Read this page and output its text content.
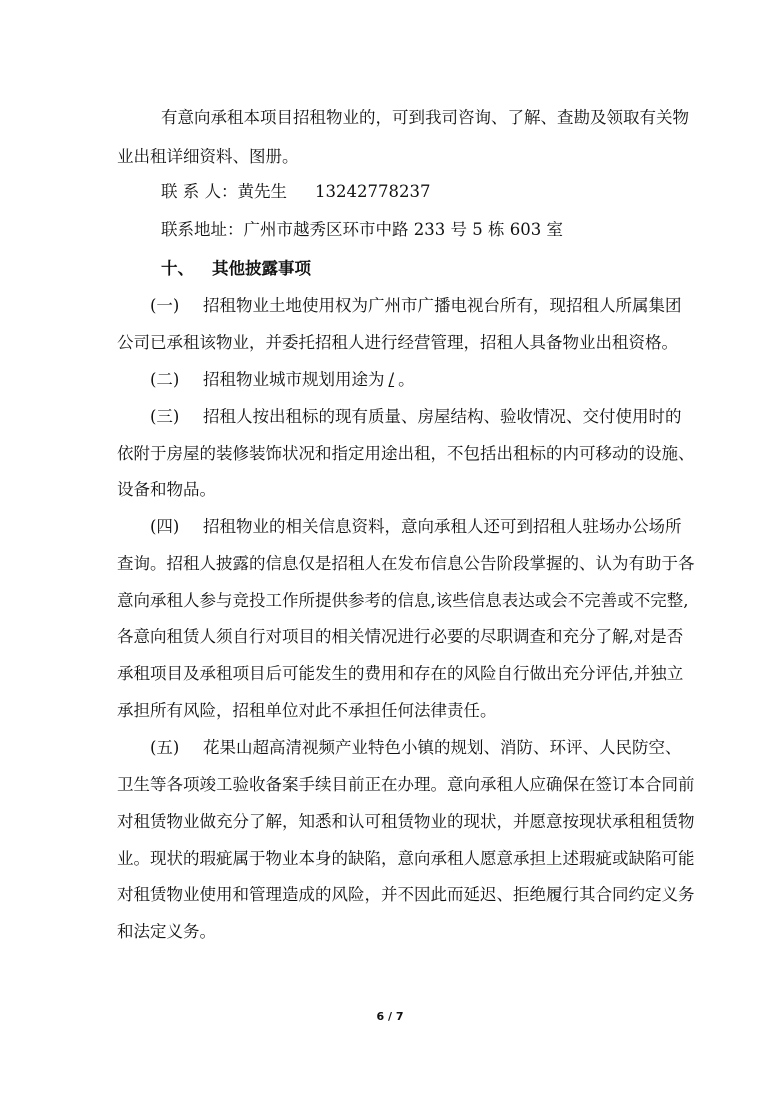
有意向承租本项目招租物业的，可到我司咨询、了解、查勘及领取有关物
业出租详细资料、图册。
联 系 人：黄先生 13242778237
联系地址：广州市越秀区环市中路 233 号 5 栋 603 室
十、 其他披露事项
(一) 招租物业土地使用权为广州市广播电视台所有，现招租人所属集团
公司已承租该物业，并委托招租人进行经营管理，招租人具备物业出租资格。
(二) 招租物业城市规划用途为 / 。
(三) 招租人按出租标的现有质量、房屋结构、验收情况、交付使用时的
依附于房屋的装修装饰状况和指定用途出租，不包括出租标的内可移动的设施、
设备和物品。
(四) 招租物业的相关信息资料，意向承租人还可到招租人驻场办公场所
查询。招租人披露的信息仅是招租人在发布信息公告阶段掌握的、认为有助于各
意向承租人参与竞投工作所提供参考的信息,该些信息表达或会不完善或不完整,
各意向租赁人须自行对项目的相关情况进行必要的尽职调查和充分了解,对是否
承租项目及承租项目后可能发生的费用和存在的风险自行做出充分评估,并独立
承担所有风险，招租单位对此不承担任何法律责任。
(五) 花果山超高清视频产业特色小镇的规划、消防、环评、人民防空、
卫生等各项竣工验收备案手续目前正在办理。意向承租人应确保在签订本合同前
对租赁物业做充分了解，知悉和认可租赁物业的现状，并愿意按现状承租租赁物
业。现状的瑕疵属于物业本身的缺陷，意向承租人愿意承担上述瑕疵或缺陷可能
对租赁物业使用和管理造成的风险，并不因此而延迟、拒绝履行其合同约定义务
和法定义务。
6 / 7
